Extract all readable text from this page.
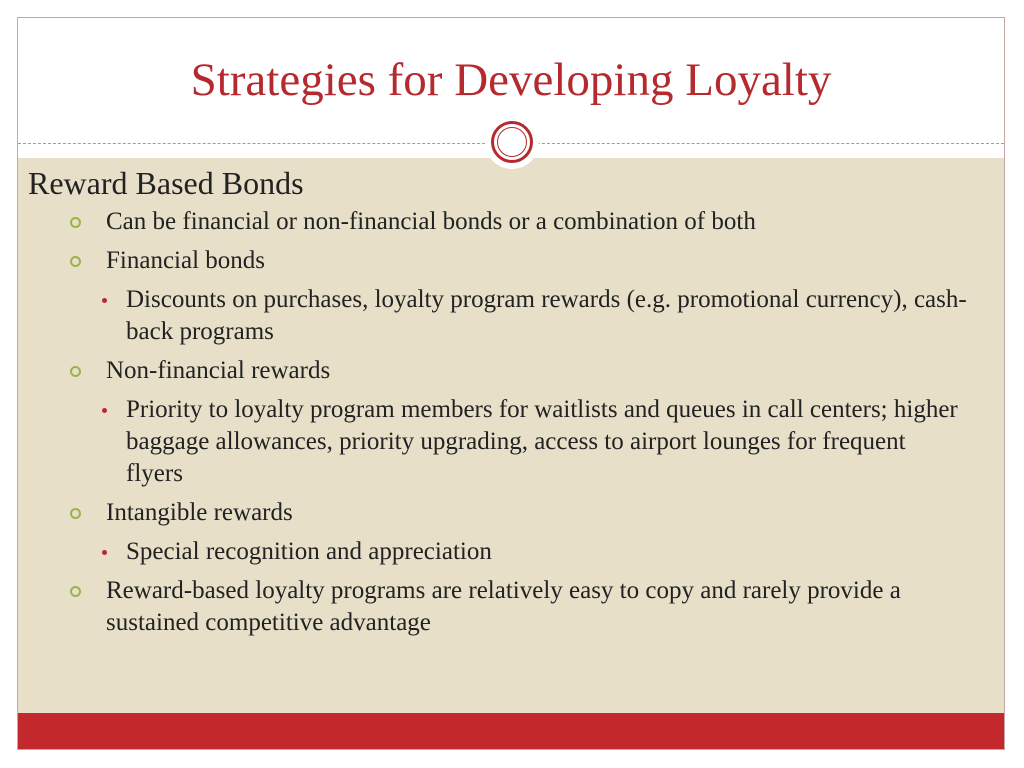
Strategies for Developing Loyalty

Reward Based Bonds

Can be financial or non-financial bonds or a combination of both
Financial bonds
Discounts on purchases, loyalty program rewards (e.g. promotional currency), cash-back programs
Non-financial rewards
Priority to loyalty program members for waitlists and queues in call centers; higher baggage allowances, priority upgrading, access to airport lounges for frequent flyers
Intangible rewards
Special recognition and appreciation
Reward-based loyalty programs are relatively easy to copy and rarely provide a sustained competitive advantage
